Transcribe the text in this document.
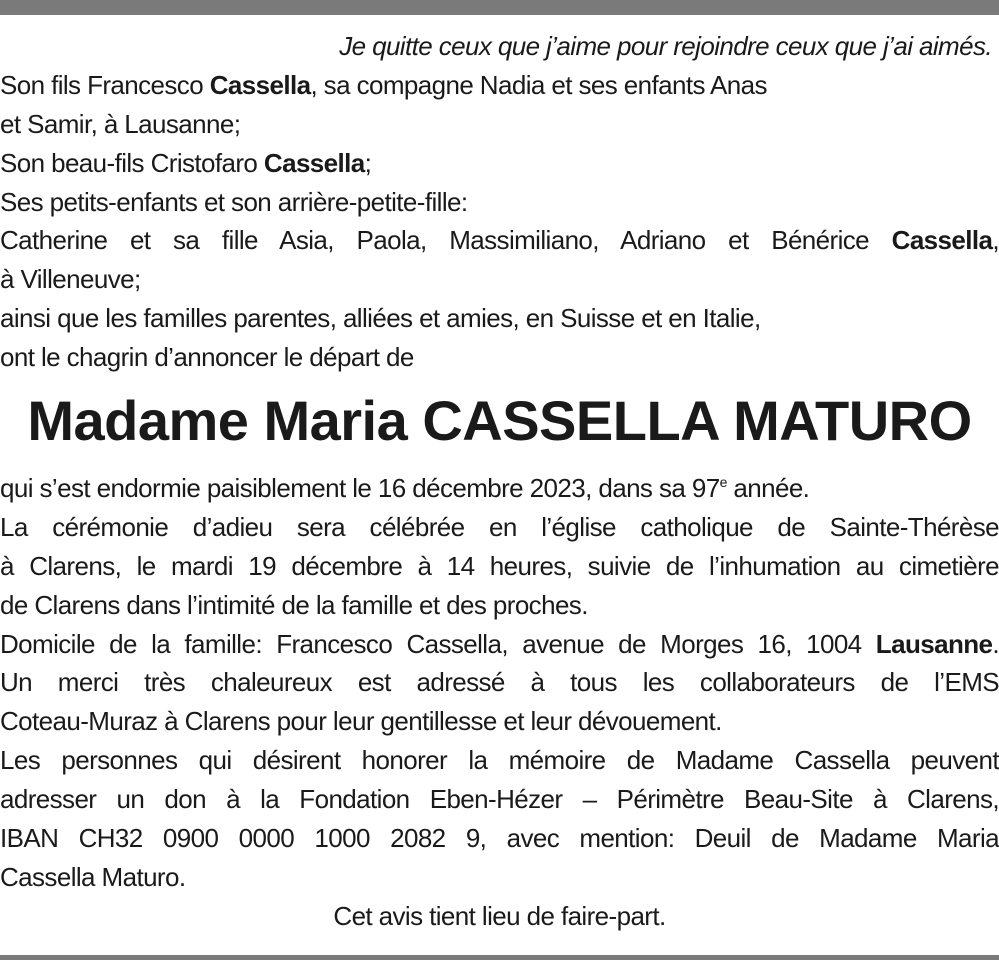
Je quitte ceux que j’aime pour rejoindre ceux que j’ai aimés.
Son fils Francesco Cassella, sa compagne Nadia et ses enfants Anas
et Samir, à Lausanne;
Son beau-fils Cristofaro Cassella;
Ses petits-enfants et son arrière-petite-fille:
Catherine et sa fille Asia, Paola, Massimiliano, Adriano et Bénérice Cassella,
à Villeneuve;
ainsi que les familles parentes, alliées et amies, en Suisse et en Italie,
ont le chagrin d’annoncer le départ de
Madame Maria CASSELLA MATURO
qui s’est endormie paisiblement le 16 décembre 2023, dans sa 97e année.
La cérémonie d’adieu sera célébrée en l’église catholique de Sainte-Thérèse
à Clarens, le mardi 19 décembre à 14 heures, suivie de l’inhumation au cimetière
de Clarens dans l’intimité de la famille et des proches.
Domicile de la famille: Francesco Cassella, avenue de Morges 16, 1004 Lausanne.
Un merci très chaleureux est adressé à tous les collaborateurs de l’EMS
Coteau-Muraz à Clarens pour leur gentillesse et leur dévouement.
Les personnes qui désirent honorer la mémoire de Madame Cassella peuvent
adresser un don à la Fondation Eben-Hézer – Périmètre Beau-Site à Clarens,
IBAN CH32 0900 0000 1000 2082 9, avec mention: Deuil de Madame Maria
Cassella Maturo.
Cet avis tient lieu de faire-part.
